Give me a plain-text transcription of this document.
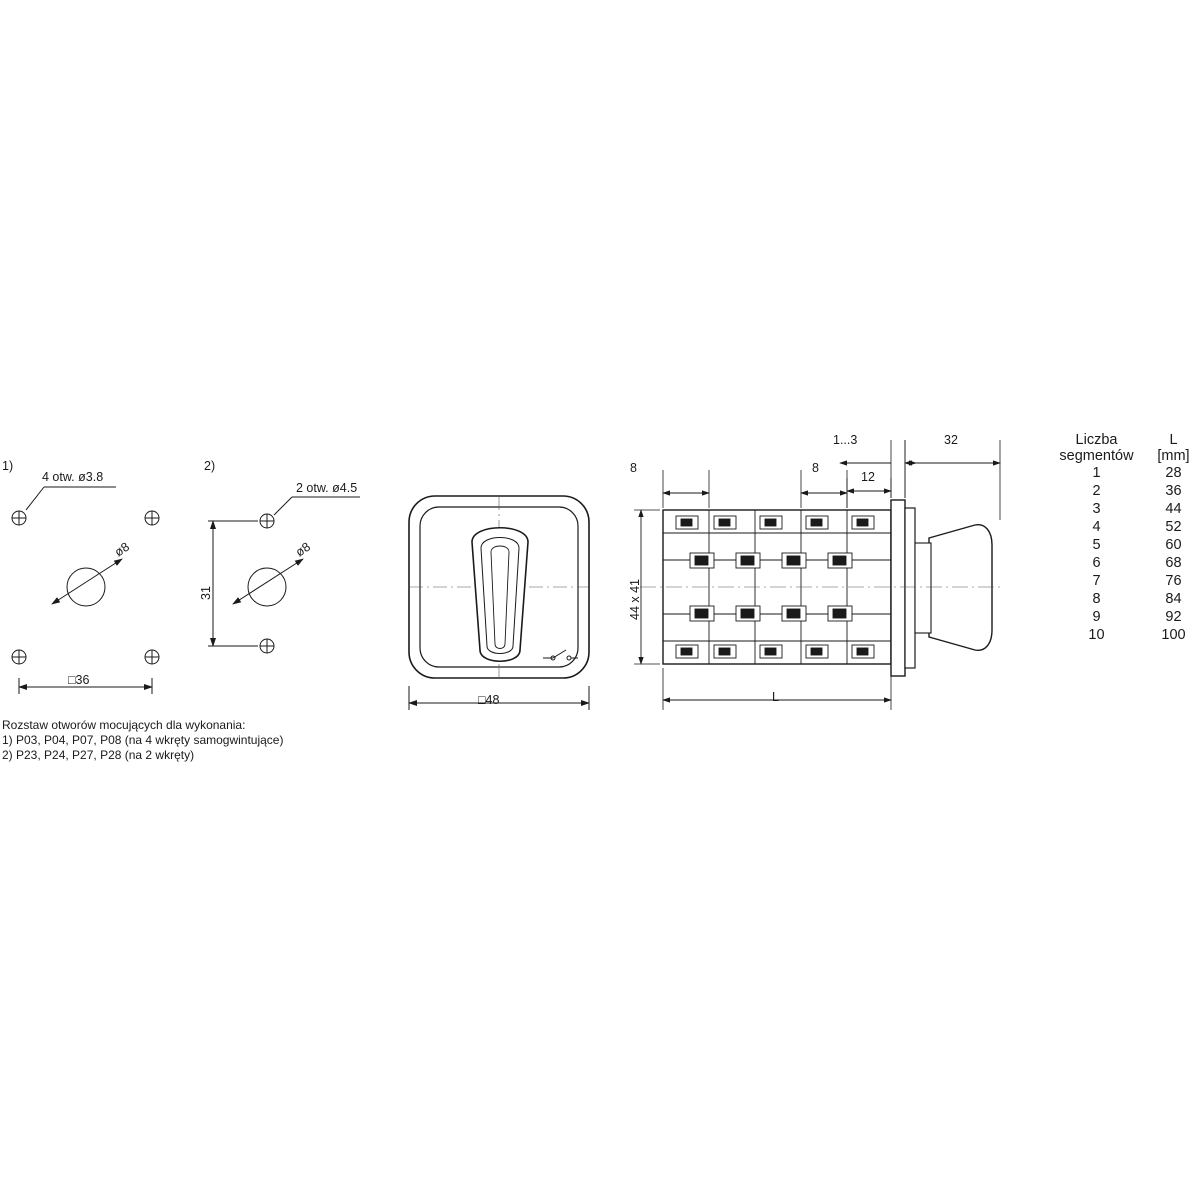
1)
4 otw. ø3.8
ø8
□36
2)
2 otw. ø4.5
ø8
31
Rozstaw otworów mocujących dla wykonania:
1) P03, P04, P07, P08 (na 4 wkręty samogwintujące)
2) P23, P24, P27, P28 (na 2 wkręty)
□48
8	8
12
1...3	32
44 x 41
L
Liczba	L
segmentów	[mm]
1	28
2	36
3	44
4	52
5	60
6	68
7	76
8	84
9	92
10	100
